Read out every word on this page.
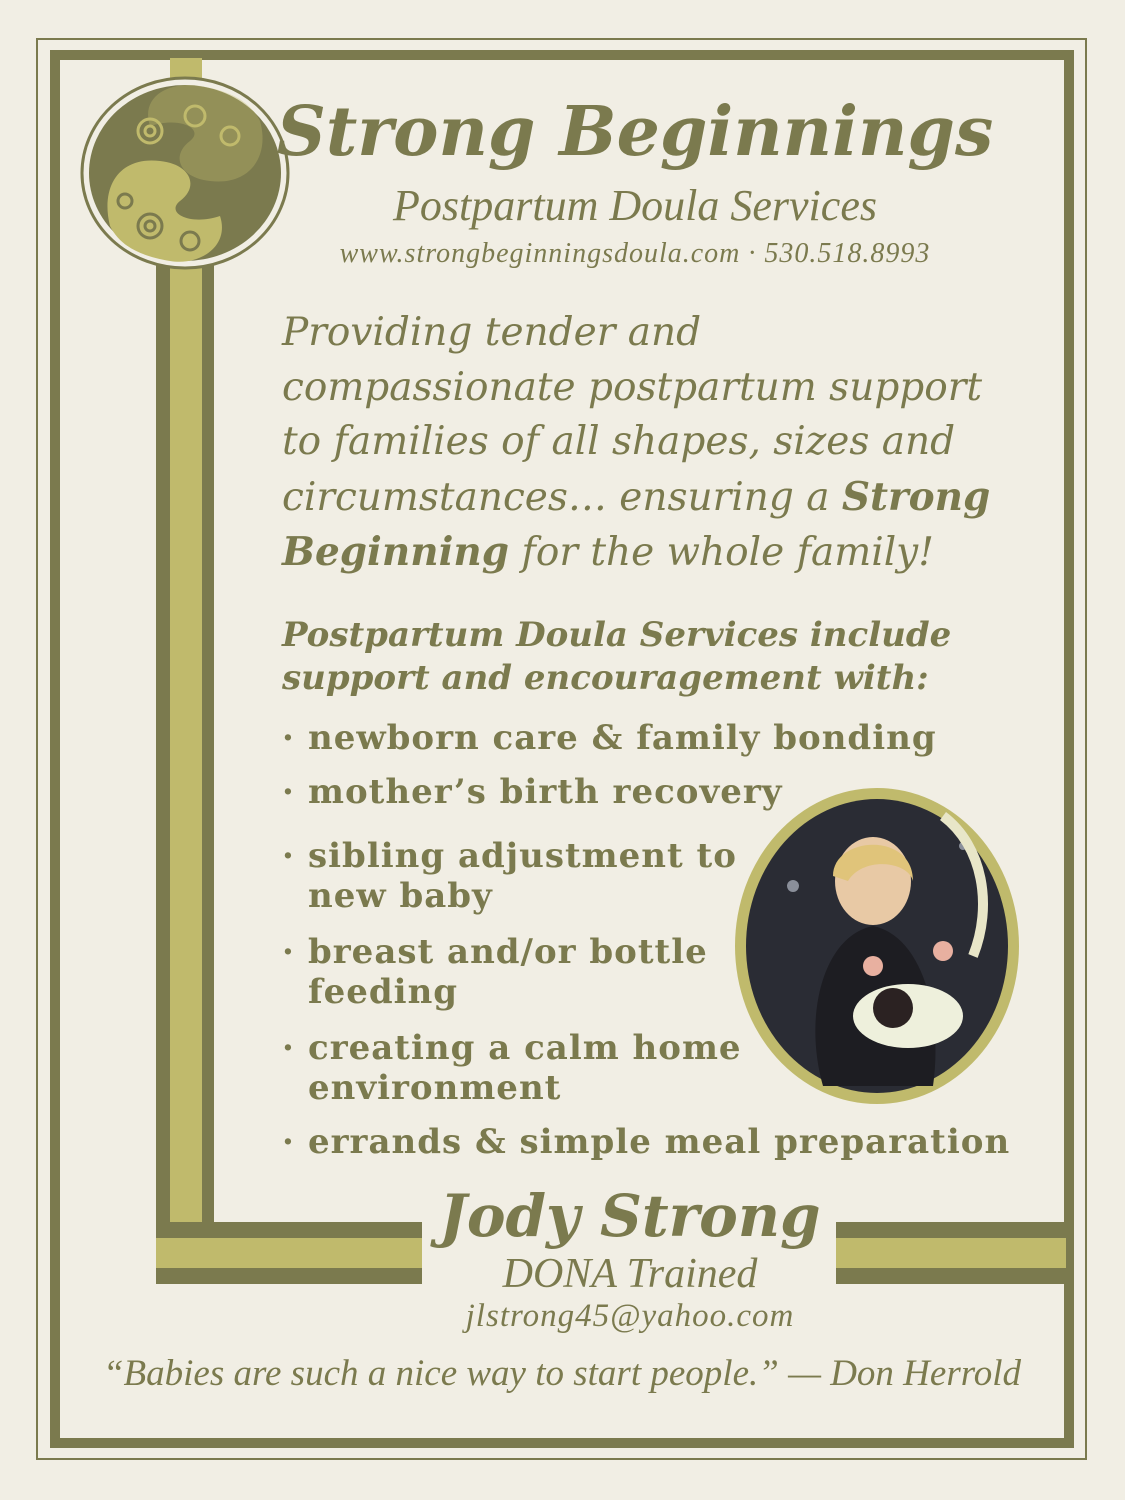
Strong Beginnings
Postpartum Doula Services
www.strongbeginningsdoula.com · 530.518.8993
Providing tender and compassionate postpartum support to families of all shapes, sizes and circumstances… ensuring a Strong Beginning for the whole family!
Postpartum Doula Services include support and encouragement with:
· newborn care & family bonding
· mother’s birth recovery
· sibling adjustment to
new baby
· breast and/or bottle
feeding
· creating a calm home
environment
· errands & simple meal preparation
Jody Strong
DONA Trained
jlstrong45@yahoo.com
“Babies are such a nice way to start people.” — Don Herrold
